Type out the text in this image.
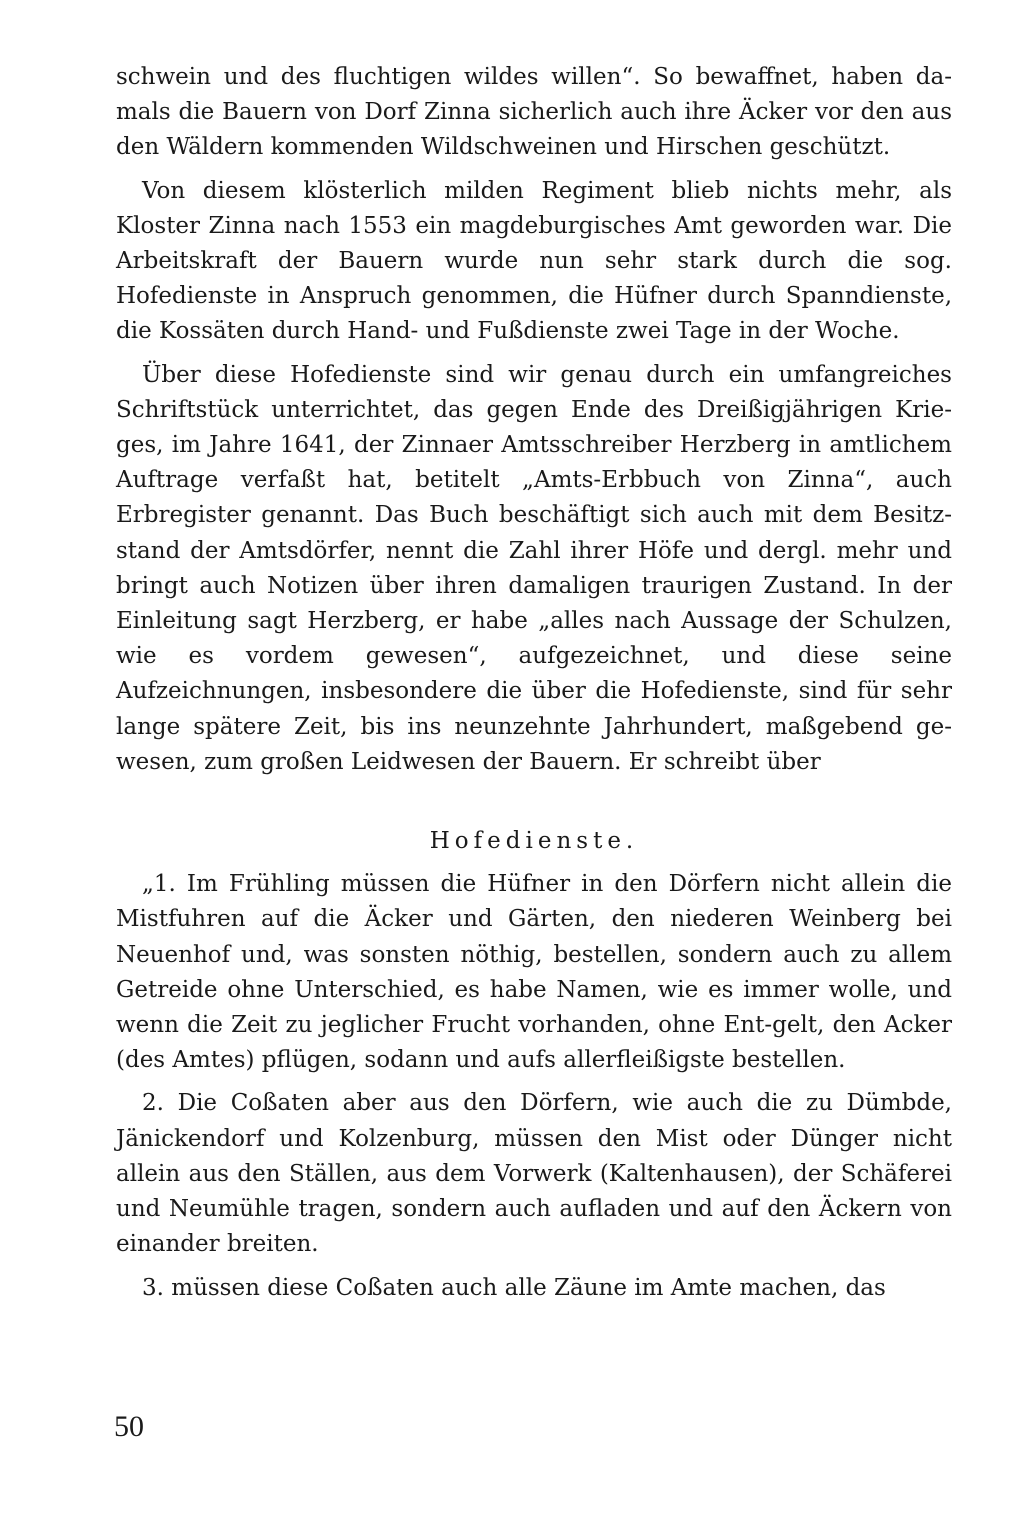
schwein und des fluchtigen wildes willen“. So bewaffnet, haben da-mals die Bauern von Dorf Zinna sicherlich auch ihre Äcker vor den aus den Wäldern kommenden Wildschweinen und Hirschen geschützt.

Von diesem klösterlich milden Regiment blieb nichts mehr, als Kloster Zinna nach 1553 ein magdeburgisches Amt geworden war. Die Arbeitskraft der Bauern wurde nun sehr stark durch die sog. Hofedienste in Anspruch genommen, die Hüfner durch Spanndienste, die Kossäten durch Hand- und Fußdienste zwei Tage in der Woche.

Über diese Hofedienste sind wir genau durch ein umfangreiches Schriftstück unterrichtet, das gegen Ende des Dreißigjährigen Krie-ges, im Jahre 1641, der Zinnaer Amtsschreiber Herzberg in amtlichem Auftrage verfaßt hat, betitelt „Amts-Erbbuch von Zinna“, auch Erbregister genannt. Das Buch beschäftigt sich auch mit dem Besitz-stand der Amtsdörfer, nennt die Zahl ihrer Höfe und dergl. mehr und bringt auch Notizen über ihren damaligen traurigen Zustand. In der Einleitung sagt Herzberg, er habe „alles nach Aussage der Schulzen, wie es vordem gewesen“, aufgezeichnet, und diese seine Aufzeichnungen, insbesondere die über die Hofedienste, sind für sehr lange spätere Zeit, bis ins neunzehnte Jahrhundert, maßgebend ge-wesen, zum großen Leidwesen der Bauern. Er schreibt über

Hofedienste.

„1. Im Frühling müssen die Hüfner in den Dörfern nicht allein die Mistfuhren auf die Äcker und Gärten, den niederen Weinberg bei Neuenhof und, was sonsten nöthig, bestellen, sondern auch zu allem Getreide ohne Unterschied, es habe Namen, wie es immer wolle, und wenn die Zeit zu jeglicher Frucht vorhanden, ohne Ent-gelt, den Acker (des Amtes) pflügen, sodann und aufs allerfleißigste bestellen.

2. Die Coßaten aber aus den Dörfern, wie auch die zu Dümbde, Jänickendorf und Kolzenburg, müssen den Mist oder Dünger nicht allein aus den Ställen, aus dem Vorwerk (Kaltenhausen), der Schäferei und Neumühle tragen, sondern auch aufladen und auf den Äckern von einander breiten.

3. müssen diese Coßaten auch alle Zäune im Amte machen, das

50
